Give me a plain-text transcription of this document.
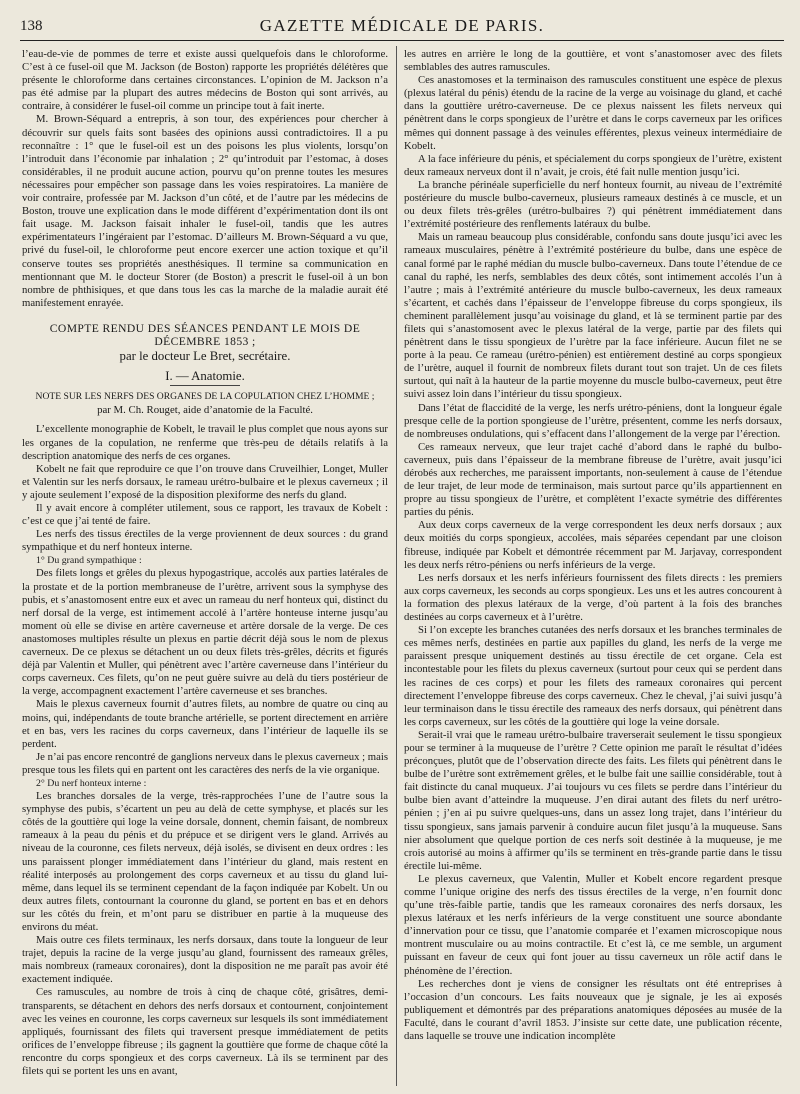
138	GAZETTE MÉDICALE DE PARIS.

l’eau-de-vie de pommes de terre et existe aussi quelquefois dans le chloroforme. C’est à ce fusel-oil que M. Jackson (de Boston) rapporte les propriétés délétères que présente le chloroforme dans certaines circonstances. L’opinion de M. Jackson n’a pas été admise par la plupart des autres médecins de Boston qui sont arrivés, au contraire, à considérer le fusel-oil comme un principe tout à fait inerte.

M. Brown-Séquard a entrepris, à son tour, des expériences pour chercher à découvrir sur quels faits sont basées des opinions aussi contradictoires. Il a pu reconnaître : 1° que le fusel-oil est un des poisons les plus violents, lorsqu’on l’introduit dans l’économie par inhalation ; 2° qu’introduit par l’estomac, à doses considérables, il ne produit aucune action, pourvu qu’on prenne toutes les mesures nécessaires pour empêcher son passage dans les voies respiratoires. La manière de voir contraire, professée par M. Jackson d’un côté, et de l’autre par les médecins de Boston, trouve une explication dans le mode différent d’expérimentation dont ils ont fait usage. M. Jackson faisait inhaler le fusel-oil, tandis que les autres expérimentateurs l’ingéraient par l’estomac. D’ailleurs M. Brown-Séquard a vu que, privé du fusel-oil, le chloroforme peut encore exercer une action toxique et qu’il conserve toutes ses propriétés anesthésiques. Il termine sa communication en mentionnant que M. le docteur Storer (de Boston) a prescrit le fusel-oil à un bon nombre de phthisiques, et que dans tous les cas la marche de la maladie aurait été manifestement enrayée.

COMPTE RENDU DES SÉANCES PENDANT LE MOIS DE DÉCEMBRE 1853 ;
par le docteur Le Bret, secrétaire.
I. — Anatomie.
NOTE SUR LES NERFS DES ORGANES DE LA COPULATION CHEZ L’HOMME ;
par M. Ch. Rouget, aide d’anatomie de la Faculté.

L’excellente monographie de Kobelt, le travail le plus complet que nous ayons sur les organes de la copulation, ne renferme que très-peu de détails relatifs à la description anatomique des nerfs de ces organes.

Kobelt ne fait que reproduire ce que l’on trouve dans Cruveilhier, Longet, Muller et Valentin sur les nerfs dorsaux, le rameau urétro-bulbaire et le plexus caverneux ; il y ajoute seulement l’exposé de la disposition plexiforme des nerfs du gland.

Il y avait encore à compléter utilement, sous ce rapport, les travaux de Kobelt : c’est ce que j’ai tenté de faire.

Les nerfs des tissus érectiles de la verge proviennent de deux sources : du grand sympathique et du nerf honteux interne.

1° Du grand sympathique :

Des filets longs et grêles du plexus hypogastrique, accolés aux parties latérales de la prostate et de la portion membraneuse de l’urètre, arrivent sous la symphyse des pubis, et s’anastomosent entre eux et avec un rameau du nerf honteux qui, distinct du nerf dorsal de la verge, est intimement accolé à l’artère honteuse interne jusqu’au moment où elle se divise en artère caverneuse et artère dorsale de la verge. De ces anastomoses multiples résulte un plexus en partie décrit déjà sous le nom de plexus caverneux. De ce plexus se détachent un ou deux filets très-grêles, décrits et figurés déjà par Valentin et Muller, qui pénètrent avec l’artère caverneuse dans l’intérieur du corps caverneux. Ces filets, qu’on ne peut guère suivre au delà du tiers postérieur de la verge, accompagnent exactement l’artère caverneuse et ses branches.

Mais le plexus caverneux fournit d’autres filets, au nombre de quatre ou cinq au moins, qui, indépendants de toute branche artérielle, se portent directement en arrière et en bas, vers les racines du corps caverneux, dans l’intérieur de laquelle ils se perdent.

Je n’ai pas encore rencontré de ganglions nerveux dans le plexus caverneux ; mais presque tous les filets qui en partent ont les caractères des nerfs de la vie organique.

2° Du nerf honteux interne :

Les branches dorsales de la verge, très-rapprochées l’une de l’autre sous la symphyse des pubis, s’écartent un peu au delà de cette symphyse, et placés sur les côtés de la gouttière qui loge la veine dorsale, donnent, chemin faisant, de nombreux rameaux à la peau du pénis et du prépuce et se dirigent vers le gland. Arrivés au niveau de la couronne, ces filets nerveux, déjà isolés, se divisent en deux ordres : les uns paraissent plonger immédiatement dans l’intérieur du gland, mais restent en réalité interposés au prolongement des corps caverneux et au tissu du gland lui-même, dans lequel ils se terminent cependant de la façon indiquée par Kobelt. Un ou deux autres filets, contournant la couronne du gland, se portent en bas et en dehors sur les côtés du frein, et m’ont paru se distribuer en partie à la muqueuse des environs du méat.

Mais outre ces filets terminaux, les nerfs dorsaux, dans toute la longueur de leur trajet, depuis la racine de la verge jusqu’au gland, fournissent des rameaux grêles, mais nombreux (rameaux coronaires), dont la disposition ne me paraît pas avoir été exactement indiquée.

Ces ramuscules, au nombre de trois à cinq de chaque côté, grisâtres, demi-transparents, se détachent en dehors des nerfs dorsaux et contournent, conjointement avec les veines en couronne, les corps caverneux sur lesquels ils sont immédiatement appliqués, fournissant des filets qui traversent presque immédiatement de petits orifices de l’enveloppe fibreuse ; ils gagnent la gouttière que forme de chaque côté la rencontre du corps spongieux et des corps caverneux. Là ils se terminent par des filets qui se portent les uns en avant,

les autres en arrière le long de la gouttière, et vont s’anastomoser avec des filets semblables des autres ramuscules.

Ces anastomoses et la terminaison des ramuscules constituent une espèce de plexus (plexus latéral du pénis) étendu de la racine de la verge au voisinage du gland, et caché dans la gouttière urétro-caverneuse. De ce plexus naissent les filets nerveux qui pénètrent dans le corps spongieux de l’urètre et dans le corps caverneux par les orifices mêmes qui donnent passage à des veinules efférentes, plexus veineux intermédiaire de Kobelt.

A la face inférieure du pénis, et spécialement du corps spongieux de l’urètre, existent deux rameaux nerveux dont il n’avait, je crois, été fait nulle mention jusqu’ici.

La branche périnéale superficielle du nerf honteux fournit, au niveau de l’extrémité postérieure du muscle bulbo-caverneux, plusieurs rameaux destinés à ce muscle, et un ou deux filets très-grêles (urétro-bulbaires ?) qui pénètrent immédiatement dans l’extrémité postérieure des renflements latéraux du bulbe.

Mais un rameau beaucoup plus considérable, confondu sans doute jusqu’ici avec les rameaux musculaires, pénètre à l’extrémité postérieure du bulbe, dans une espèce de canal formé par le raphé médian du muscle bulbo-caverneux. Dans toute l’étendue de ce canal du raphé, les nerfs, semblables des deux côtés, sont intimement accolés l’un à l’autre ; mais à l’extrémité antérieure du muscle bulbo-caverneux, les deux rameaux s’écartent, et cachés dans l’épaisseur de l’enveloppe fibreuse du corps spongieux, ils cheminent parallèlement jusqu’au voisinage du gland, et là se terminent partie par des filets qui s’anastomosent avec le plexus latéral de la verge, partie par des filets qui pénètrent dans le tissu spongieux de l’urètre par la face inférieure. Aucun filet ne se porte à la peau. Ce rameau (urétro-pénien) est entièrement destiné au corps spongieux de l’urètre, auquel il fournit de nombreux filets durant tout son trajet. Un de ces filets surtout, qui naît à la hauteur de la partie moyenne du muscle bulbo-caverneux, peut être suivi assez loin dans l’intérieur du tissu spongieux.

Dans l’état de flaccidité de la verge, les nerfs urétro-péniens, dont la longueur égale presque celle de la portion spongieuse de l’urètre, présentent, comme les nerfs dorsaux, de nombreuses ondulations, qui s’effacent dans l’allongement de la verge par l’érection.

Ces rameaux nerveux, que leur trajet caché d’abord dans le raphé du bulbo-caverneux, puis dans l’épaisseur de la membrane fibreuse de l’urètre, avait jusqu’ici dérobés aux recherches, me paraissent importants, non-seulement à cause de l’étendue de leur trajet, de leur mode de terminaison, mais surtout parce qu’ils appartiennent en propre au tissu spongieux de l’urètre, et complètent l’exacte symétrie des différentes parties du pénis.

Aux deux corps caverneux de la verge correspondent les deux nerfs dorsaux ; aux deux moitiés du corps spongieux, accolées, mais séparées cependant par une cloison fibreuse, indiquée par Kobelt et démontrée récemment par M. Jarjavay, correspondent les deux nerfs rétro-péniens ou nerfs inférieurs de la verge.

Les nerfs dorsaux et les nerfs inférieurs fournissent des filets directs : les premiers aux corps caverneux, les seconds au corps spongieux. Les uns et les autres concourent à la formation des plexus latéraux de la verge, d’où partent à la fois des branches destinées au corps caverneux et à l’urètre.

Si l’on excepte les branches cutanées des nerfs dorsaux et les branches terminales de ces mêmes nerfs, destinées en partie aux papilles du gland, les nerfs de la verge me paraissent presque uniquement destinés au tissu érectile de cet organe. Cela est incontestable pour les filets du plexus caverneux (surtout pour ceux qui se perdent dans les racines de ces corps) et pour les filets des rameaux coronaires qui percent directement l’enveloppe fibreuse des corps caverneux. Chez le cheval, j’ai suivi jusqu’à leur terminaison dans le tissu érectile des rameaux des nerfs dorsaux, qui pénètrent dans les corps caverneux, sur les côtés de la gouttière qui loge la veine dorsale.

Serait-il vrai que le rameau urétro-bulbaire traverserait seulement le tissu spongieux pour se terminer à la muqueuse de l’urètre ? Cette opinion me paraît le résultat d’idées préconçues, plutôt que de l’observation directe des faits. Les filets qui pénètrent dans le bulbe de l’urètre sont extrêmement grêles, et le bulbe fait une saillie considérable, tout à fait distincte du canal muqueux. J’ai toujours vu ces filets se perdre dans l’intérieur du bulbe bien avant d’atteindre la muqueuse. J’en dirai autant des filets du nerf urétro-pénien ; j’en ai pu suivre quelques-uns, dans un assez long trajet, dans l’intérieur du tissu spongieux, sans jamais parvenir à conduire aucun filet jusqu’à la muqueuse. Sans nier absolument que quelque portion de ces nerfs soit destinée à la muqueuse, je me crois autorisé au moins à affirmer qu’ils se terminent en très-grande partie dans le tissu érectile lui-même.

Le plexus caverneux, que Valentin, Muller et Kobelt encore regardent presque comme l’unique origine des nerfs des tissus érectiles de la verge, n’en fournit donc qu’une très-faible partie, tandis que les rameaux coronaires des nerfs dorsaux, les plexus latéraux et les nerfs inférieurs de la verge constituent une source abondante d’innervation pour ce tissu, que l’anatomie comparée et l’examen microscopique nous montrent musculaire ou au moins contractile. Et c’est là, ce me semble, un argument puissant en faveur de ceux qui font jouer au tissu caverneux un rôle actif dans le phénomène de l’érection.

Les recherches dont je viens de consigner les résultats ont été entreprises à l’occasion d’un concours. Les faits nouveaux que je signale, je les ai exposés publiquement et démontrés par des préparations anatomiques déposées au musée de la Faculté, dans le courant d’avril 1853. J’insiste sur cette date, une publication récente, dans laquelle se trouve une indication incomplète
